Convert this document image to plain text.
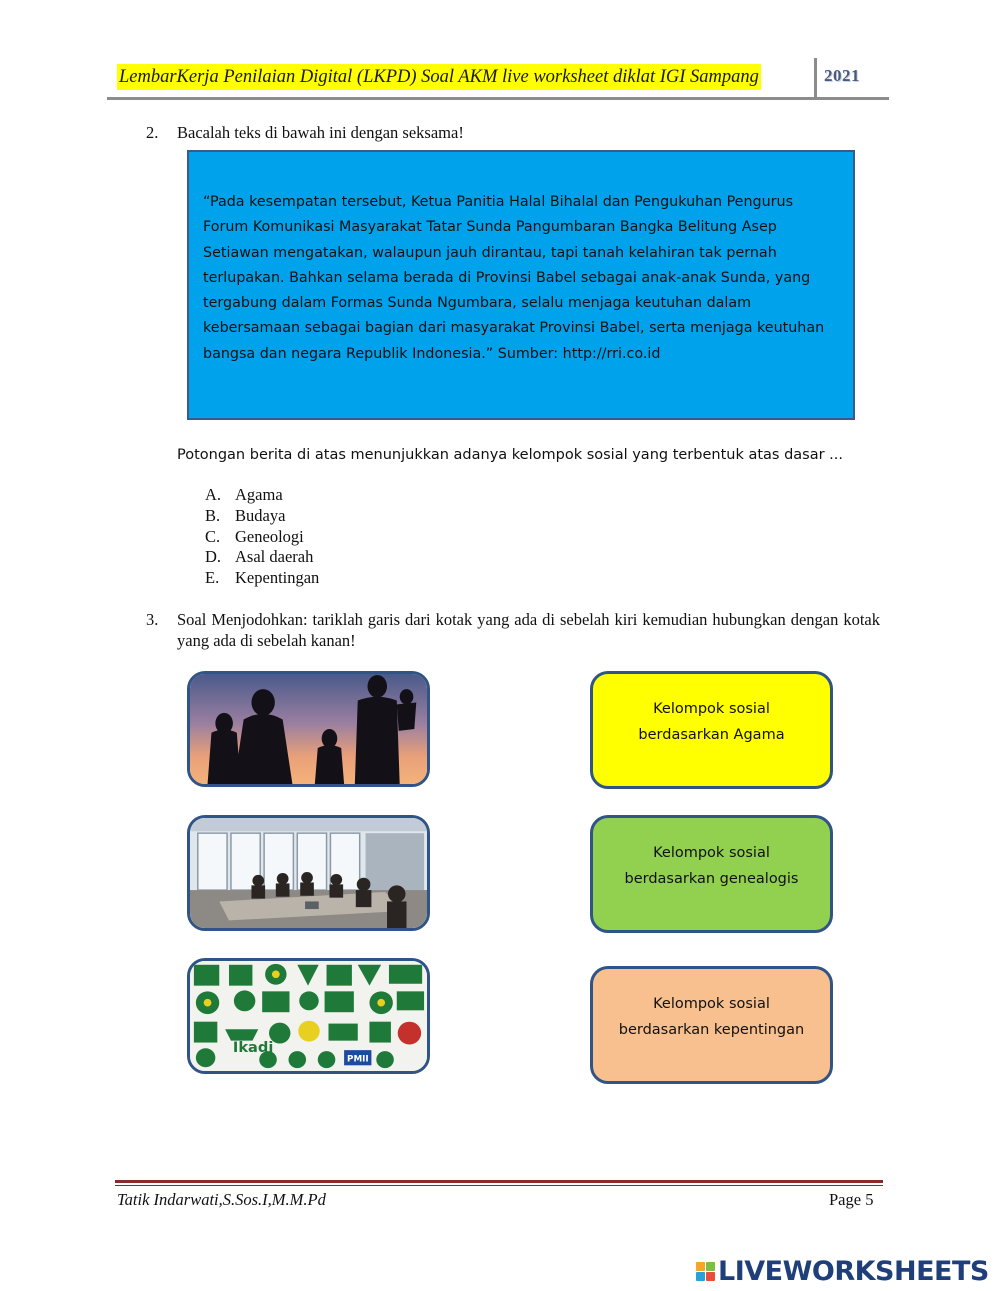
LembarKerja Penilaian Digital (LKPD) Soal AKM live worksheet diklat IGI Sampang	2021
2. Bacalah teks di bawah ini dengan seksama!
“Pada kesempatan tersebut, Ketua Panitia Halal Bihalal dan Pengukuhan Pengurus
Forum Komunikasi Masyarakat Tatar Sunda Pangumbaran Bangka Belitung Asep
Setiawan mengatakan, walaupun jauh dirantau, tapi tanah kelahiran tak pernah
terlupakan. Bahkan selama berada di Provinsi Babel sebagai anak-anak Sunda, yang
tergabung dalam Formas Sunda Ngumbara, selalu menjaga keutuhan dalam
kebersamaan sebagai bagian dari masyarakat Provinsi Babel, serta menjaga keutuhan
bangsa dan negara Republik Indonesia.” Sumber: http://rri.co.id
Potongan berita di atas menunjukkan adanya kelompok sosial yang terbentuk atas dasar ...
A. Agama
B. Budaya
C. Geneologi
D. Asal daerah
E. Kepentingan
3. Soal Menjodohkan: tariklah garis dari kotak yang ada di sebelah kiri kemudian hubungkan dengan kotak yang ada di sebelah kanan!
Ikadi
PMII
Kelompok sosial
berdasarkan Agama
Kelompok sosial
berdasarkan genealogis
Kelompok sosial
berdasarkan kepentingan
Tatik Indarwati,S.Sos.I,M.M.Pd	Page 5
LIVEWORKSHEETS
